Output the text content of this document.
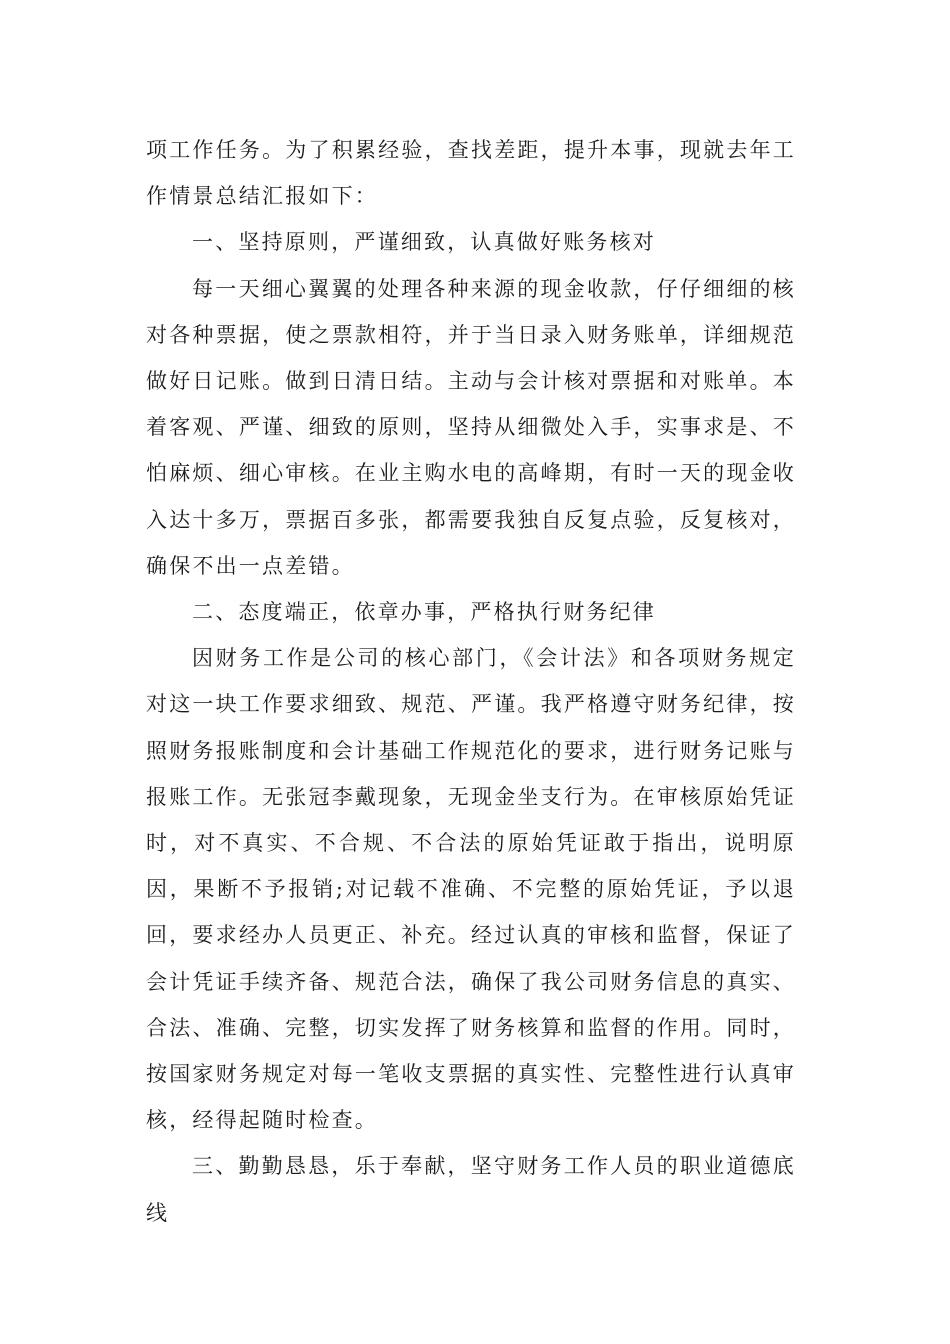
项工作任务。为了积累经验，查找差距，提升本事，现就去年工作情景总结汇报如下：

一、坚持原则，严谨细致，认真做好账务核对

每一天细心翼翼的处理各种来源的现金收款，仔仔细细的核对各种票据，使之票款相符，并于当日录入财务账单，详细规范做好日记账。做到日清日结。主动与会计核对票据和对账单。本着客观、严谨、细致的原则，坚持从细微处入手，实事求是、不怕麻烦、细心审核。在业主购水电的高峰期，有时一天的现金收入达十多万，票据百多张，都需要我独自反复点验，反复核对，确保不出一点差错。

二、态度端正，依章办事，严格执行财务纪律

因财务工作是公司的核心部门，《会计法》和各项财务规定对这一块工作要求细致、规范、严谨。我严格遵守财务纪律，按照财务报账制度和会计基础工作规范化的要求，进行财务记账与报账工作。无张冠李戴现象，无现金坐支行为。在审核原始凭证时，对不真实、不合规、不合法的原始凭证敢于指出，说明原因，果断不予报销;对记载不准确、不完整的原始凭证，予以退回，要求经办人员更正、补充。经过认真的审核和监督，保证了会计凭证手续齐备、规范合法，确保了我公司财务信息的真实、合法、准确、完整，切实发挥了财务核算和监督的作用。同时，按国家财务规定对每一笔收支票据的真实性、完整性进行认真审核，经得起随时检查。

三、勤勤恳恳，乐于奉献，坚守财务工作人员的职业道德底线
